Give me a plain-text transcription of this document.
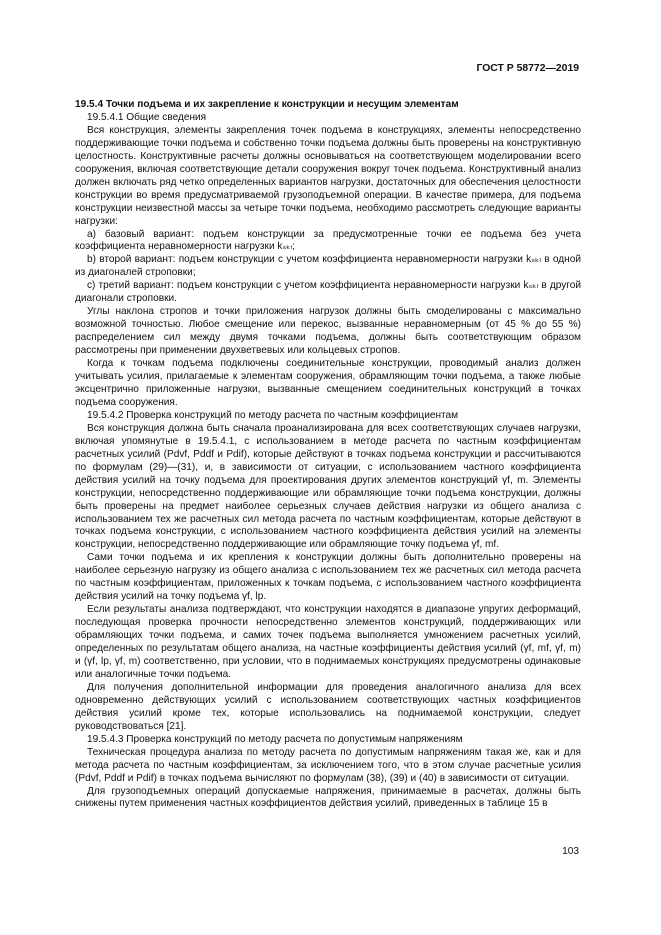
ГОСТ Р 58772—2019

19.5.4 Точки подъема и их закрепление к конструкции и несущим элементам

19.5.4.1 Общие сведения

Вся конструкция, элементы закрепления точек подъема в конструкциях, элементы непосредственно поддерживающие точки подъема и собственно точки подъема должны быть проверены на конструктивную целостность. Конструктивные расчеты должны основываться на соответствующем моделировании всего сооружения, включая соответствующие детали сооружения вокруг точек подъема. Конструктивный анализ должен включать ряд четко определенных вариантов нагрузки, достаточных для обеспечения целостности конструкции во время предусматриваемой грузоподъемной операции. В качестве примера, для подъема конструкции неизвестной массы за четыре точки подъема, необходимо рассмотреть следующие варианты нагрузки:

а) базовый вариант: подъем конструкции за предусмотренные точки ее подъема без учета коэффициента неравномерности нагрузки kₛₖₗ;

b) второй вариант: подъем конструкции с учетом коэффициента неравномерности нагрузки kₛₖₗ в одной из диагоналей строповки;

с) третий вариант: подъем конструкции с учетом коэффициента неравномерности нагрузки kₛₖₗ в другой диагонали строповки.

Углы наклона стропов и точки приложения нагрузок должны быть смоделированы с максимально возможной точностью. Любое смещение или перекос, вызванные неравномерным (от 45 % до 55 %) распределением сил между двумя точками подъема, должны быть соответствующим образом рассмотрены при применении двухветвевых или кольцевых стропов.

Когда к точкам подъема подключены соединительные конструкции, проводимый анализ должен учитывать усилия, прилагаемые к элементам сооружения, обрамляющим точки подъема, а также любые эксцентрично приложенные нагрузки, вызванные смещением соединительных конструкций в точках подъема сооружения.

19.5.4.2 Проверка конструкций по методу расчета по частным коэффициентам

Вся конструкция должна быть сначала проанализирована для всех соответствующих случаев нагрузки, включая упомянутые в 19.5.4.1, с использованием в методе расчета по частным коэффициентам расчетных усилий (Pdvf, Pddf и Pdif), которые действуют в точках подъема конструкции и рассчитываются по формулам (29)—(31), и, в зависимости от ситуации, с использованием частного коэффициента действия усилий на точку подъема для проектирования других элементов конструкций γf, m. Элементы конструкции, непосредственно поддерживающие или обрамляющие точки подъема конструкции, должны быть проверены на предмет наиболее серьезных случаев действия нагрузки из общего анализа с использованием тех же расчетных сил метода расчета по частным коэффициентам, которые действуют в точках подъема конструкции, с использованием частного коэффициента действия усилий на элементы конструкции, непосредственно поддерживающие или обрамляющие точку подъема γf, mf.

Сами точки подъема и их крепления к конструкции должны быть дополнительно проверены на наиболее серьезную нагрузку из общего анализа с использованием тех же расчетных сил метода расчета по частным коэффициентам, приложенных к точкам подъема, с использованием частного коэффициента действия усилий на точку подъема γf, lp.

Если результаты анализа подтверждают, что конструкции находятся в диапазоне упругих деформаций, последующая проверка прочности непосредственно элементов конструкций, поддерживающих или обрамляющих точки подъема, и самих точек подъема выполняется умножением расчетных усилий, определенных по результатам общего анализа, на частные коэффициенты действия усилий (γf, mf, γf, m) и (γf, lp, γf, m) соответственно, при условии, что в поднимаемых конструкциях предусмотрены одинаковые или аналогичные точки подъема.

Для получения дополнительной информации для проведения аналогичного анализа для всех одновременно действующих усилий с использованием соответствующих частных коэффициентов действия усилий кроме тех, которые использовались на поднимаемой конструкции, следует руководствоваться [21].

19.5.4.3 Проверка конструкций по методу расчета по допустимым напряжениям

Техническая процедура анализа по методу расчета по допустимым напряжениям такая же, как и для метода расчета по частным коэффициентам, за исключением того, что в этом случае расчетные усилия (Pdvf, Pddf и Pdif) в точках подъема вычисляют по формулам (38), (39) и (40) в зависимости от ситуации.

Для грузоподъемных операций допускаемые напряжения, принимаемые в расчетах, должны быть снижены путем применения частных коэффициентов действия усилий, приведенных в таблице 15 в

103
